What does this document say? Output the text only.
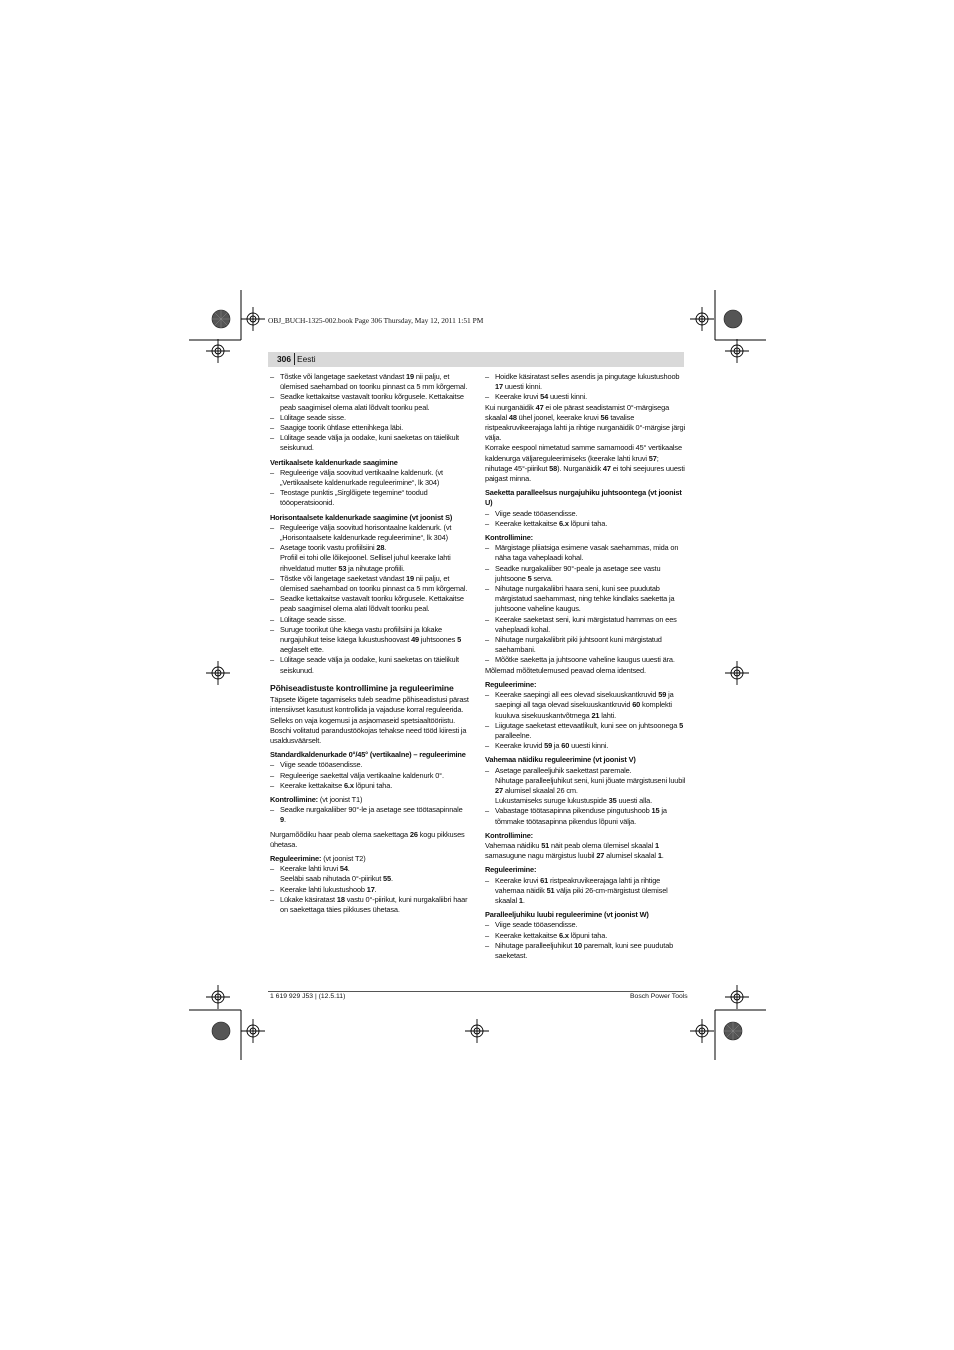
OBJ_BUCH-1325-002.book Page 306 Thursday, May 12, 2011 1:51 PM
306 Eesti

– Tõstke või langetage saeketast vändast 19 nii palju, et ülemised saehambad on tooriku pinnast ca 5 mm kõrgemal.

– Seadke kettakaitse vastavalt tooriku kõrgusele. Kettakaitse peab saagimisel olema alati lõdvalt tooriku peal.

– Lülitage seade sisse.

– Saagige toorik ühtlase ettenihkega läbi.

– Lülitage seade välja ja oodake, kuni saeketas on täielikult seiskunud.

Vertikaalsete kaldenurkade saagimine

– Reguleerige välja soovitud vertikaalne kaldenurk. (vt „Vertikaalsete kaldenurkade reguleerimine“, lk 304)

– Teostage punktis „Sirglõigete tegemine“ toodud tööoperatsioonid.

Horisontaalsete kaldenurkade saagimine (vt joonist S)

– Reguleerige välja soovitud horisontaalne kaldenurk. (vt „Horisontaalsete kaldenurkade reguleerimine“, lk 304)

– Asetage toorik vastu profiilsiini 28.
Profiil ei tohi olle lõikejoonel. Sellisel juhul keerake lahti rihveldatud mutter 53 ja nihutage profiili.

– Tõstke või langetage saeketast vändast 19 nii palju, et ülemised saehambad on tooriku pinnast ca 5 mm kõrgemal.

– Seadke kettakaitse vastavalt tooriku kõrgusele. Kettakaitse peab saagimisel olema alati lõdvalt tooriku peal.

– Lülitage seade sisse.

– Suruge toorikut ühe käega vastu profiilsiini ja lükake nurgajuhikut teise käega lukustushoovast 49 juhtsoones 5 aeglaselt ette.

– Lülitage seade välja ja oodake, kuni saeketas on täielikult seiskunud.

Põhiseadistuste kontrollimine ja reguleerimine

Täpsete lõigete tagamiseks tuleb seadme põhiseadistusi pärast intensiivset kasutust kontrollida ja vajaduse korral reguleerida.

Selleks on vaja kogemusi ja asjaomaseid spetsiaaltööriistu.

Boschi volitatud parandustöökojas tehakse need tööd kiiresti ja usaldusväärselt.

Standardkaldenurkade 0°/45° (vertikaalne) – reguleerimine

– Viige seade tööasendisse.

– Reguleerige saekettal välja vertikaalne kaldenurk 0°.

– Keerake kettakaitse 6.x lõpuni taha.

Kontrollimine: (vt joonist T1)

– Seadke nurgakaliiber 90°-le ja asetage see töötasapinnale 9.

Nurgamõõdiku haar peab olema saekettaga 26 kogu pikkuses ühetasa.

Reguleerimine: (vt joonist T2)

– Keerake lahti kruvi 54.
Seeläbi saab nihutada 0°-piirikut 55.

– Keerake lahti lukustushoob 17.

– Lükake käsiratast 18 vastu 0°-piirikut, kuni nurgakaliibri haar on saekettaga täies pikkuses ühetasa.

– Hoidke käsiratast selles asendis ja pingutage lukustushoob 17 uuesti kinni.

– Keerake kruvi 54 uuesti kinni.

Kui nurganäidik 47 ei ole pärast seadistamist 0°-märgisega skaalal 48 ühel joonel, keerake kruvi 56 tavalise ristpeakruvikeerajaga lahti ja rihtige nurganäidik 0°-märgise järgi välja.

Korrake eespool nimetatud samme samamoodi 45° vertikaalse kaldenurga väljareguleerimiseks (keerake lahti kruvi 57; nihutage 45°-piirikut 58). Nurganäidik 47 ei tohi seejuures uuesti paigast minna.

Saeketta paralleelsus nurgajuhiku juhtsoontega (vt joonist U)

– Viige seade tööasendisse.

– Keerake kettakaitse 6.x lõpuni taha.

Kontrollimine:

– Märgistage pliiatsiga esimene vasak saehammas, mida on näha taga vaheplaadi kohal.

– Seadke nurgakaliiber 90°-peale ja asetage see vastu juhtsoone 5 serva.

– Nihutage nurgakaliibri haara seni, kuni see puudutab märgistatud saehammast, ning tehke kindlaks saeketta ja juhtsoone vaheline kaugus.

– Keerake saeketast seni, kuni märgistatud hammas on ees vaheplaadi kohal.

– Nihutage nurgakaliibrit piki juhtsoont kuni märgistatud saehambani.

– Mõõtke saeketta ja juhtsoone vaheline kaugus uuesti ära.

Mõlemad mõõtetulemused peavad olema identsed.

Reguleerimine:

– Keerake saepingi all ees olevad sisekuuskantkruvid 59 ja saepingi all taga olevad sisekuuskantkruvid 60 komplekti kuuluva sisekuuskantvõtmega 21 lahti.

– Liigutage saeketast ettevaatlikult, kuni see on juhtsoonega 5 paralleelne.

– Keerake kruvid 59 ja 60 uuesti kinni.

Vahemaa näidiku reguleerimine (vt joonist V)

– Asetage paralleeljuhik saekettast paremale.
Nihutage paralleeljuhikut seni, kuni jõuate märgistuseni luubil 27 alumisel skaalal 26 cm.
Lukustamiseks suruge lukustuspide 35 uuesti alla.

– Vabastage töötasapinna pikenduse pingutushoob 15 ja tõmmake töötasapinna pikendus lõpuni välja.

Kontrollimine:

Vahemaa näidiku 51 näit peab olema ülemisel skaalal 1 samasugune nagu märgistus luubil 27 alumisel skaalal 1.

Reguleerimine:

– Keerake kruvi 61 ristpeakruvikeerajaga lahti ja rihtige vahemaa näidik 51 välja piki 26-cm-märgistust ülemisel skaalal 1.

Paralleeljuhiku luubi reguleerimine (vt joonist W)

– Viige seade tööasendisse.

– Keerake kettakaitse 6.x lõpuni taha.

– Nihutage paralleeljuhikut 10 paremalt, kuni see puudutab saeketast.

1 619 929 J53 | (12.5.11)	Bosch Power Tools
